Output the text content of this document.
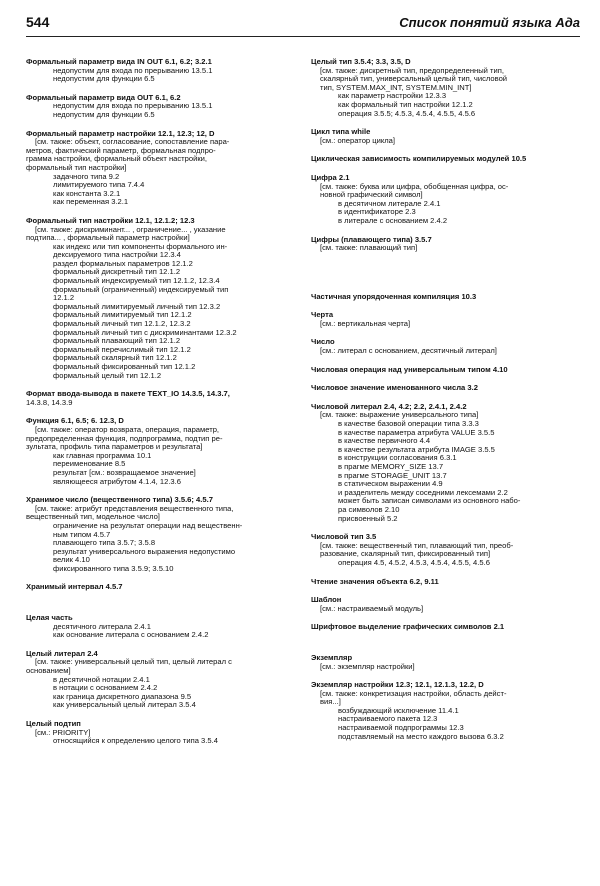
544	Список понятий языка Ада
Формальный параметр вида IN OUT 6.1, 6.2; 3.2.1
недопустим для входа по прерыванию 13.5.1
недопустим для функции 6.5
Формальный параметр вида OUT 6.1, 6.2
недопустим для входа по прерыванию 13.5.1
недопустим для функции 6.5
Формальный параметр настройки 12.1, 12.3; 12, D
[см. также: объект, согласование, сопоставление пара-
метров, фактический параметр, формальная подпро-
грамма настройки, формальный объект настройки,
формальный тип настройки]
задачного типа 9.2
лимитируемого типа 7.4.4
как константа 3.2.1
как переменная 3.2.1
Формальный тип настройки 12.1, 12.1.2; 12.3
[см. также: дискриминант... , ограничение... , указание
подтипа... , формальный параметр настройки]
как индекс или тип компоненты формального ин-
дексируемого типа настройки 12.3.4
раздел формальных параметров 12.1.2
формальный дискретный тип 12.1.2
формальный индексируемый тип 12.1.2, 12.3.4
формальный (ограниченный) индексируемый тип
12.1.2
формальный лимитируемый личный тип 12.3.2
формальный лимитируемый тип 12.1.2
формальный личный тип 12.1.2, 12.3.2
формальный личный тип с дискриминантами 12.3.2
формальный плавающий тип 12.1.2
формальный перечислимый тип 12.1.2
формальный скалярный тип 12.1.2
формальный фиксированный тип 12.1.2
формальный целый тип 12.1.2
Формат ввода-вывода в пакете TEXT_IO 14.3.5, 14.3.7,
14.3.8, 14.3.9
Функция 6.1, 6.5; 6. 12.3, D
[см. также: оператор возврата, операция, параметр,
предопределенная функция, подпрограмма, подтип ре-
зультата, профиль типа параметров и результата]
как главная программа 10.1
переименование 8.5
результат [см.: возвращаемое значение]
являющееся атрибутом 4.1.4, 12.3.6
Хранимое число (вещественного типа) 3.5.6; 4.5.7
[см. также: атрибут представления вещественного типа,
вещественный тип, модельное число]
ограничение на результат операции над вещественн-
ным типом 4.5.7
плавающего типа 3.5.7; 3.5.8
результат универсального выражения недопустимо
велик 4.10
фиксированного типа 3.5.9; 3.5.10
Хранимый интервал 4.5.7
Целая часть
десятичного литерала 2.4.1
как основание литерала с основанием 2.4.2
Целый литерал 2.4
[см. также: универсальный целый тип, целый литерал с
основанием]
в десятичной нотации 2.4.1
в нотации с основанием 2.4.2
как граница дискретного диапазона 9.5
как универсальный целый литерал 3.5.4
Целый подтип
[см.: PRIORITY]
относящийся к определению целого типа 3.5.4
Целый тип 3.5.4; 3.3, 3.5, D
[см. также: дискретный тип, предопределенный тип,
скалярный тип, универсальный целый тип, числовой
тип, SYSTEM.MAX_INT, SYSTEM.MIN_INT]
как параметр настройки 12.3.3
как формальный тип настройки 12.1.2
операция 3.5.5; 4.5.3, 4.5.4, 4.5.5, 4.5.6
Цикл типа while
[см.: оператор цикла]
Циклическая зависимость компилируемых модулей 10.5
Цифра 2.1
[см. также: буква или цифра, обобщенная цифра, ос-
новной графический символ]
в десятичном литерале 2.4.1
в идентификаторе 2.3
в литерале с основанием 2.4.2
Цифры (плавающего типа) 3.5.7
[см. также: плавающий тип]
Частичная упорядоченная компиляция 10.3
Черта
[см.: вертикальная черта]
Число
[см.: литерал с основанием, десятичный литерал]
Числовая операция над универсальным типом 4.10
Числовое значение именованного числа 3.2
Числовой литерал 2.4, 4.2; 2.2, 2.4.1, 2.4.2
[см. также: выражение универсального типа]
в качестве базовой операции типа 3.3.3
в качестве параметра атрибута VALUE 3.5.5
в качестве первичного 4.4
в качестве результата атрибута IMAGE 3.5.5
в конструкции согласования 6.3.1
в прагме MEMORY_SIZE 13.7
в прагме STORAGE_UNIT 13.7
в статическом выражении 4.9
и разделитель между соседними лексемами 2.2
может быть записан символами из основного набо-
ра символов 2.10
присвоенный 5.2
Числовой тип 3.5
[см. также: вещественный тип, плавающий тип, преоб-
разование, скалярный тип, фиксированный тип]
операция 4.5, 4.5.2, 4.5.3, 4.5.4, 4.5.5, 4.5.6
Чтение значения объекта 6.2, 9.11
Шаблон
[см.: настраиваемый модуль]
Шрифтовое выделение графических символов 2.1
Экземпляр
[см.: экземпляр настройки]
Экземпляр настройки 12.3; 12.1, 12.1.3, 12.2, D
[см. также: конкретизация настройки, область дейст-
вия...]
возбуждающий исключение 11.4.1
настраиваемого пакета 12.3
настраиваемой подпрограммы 12.3
подставляемый на место каждого вызова 6.3.2
